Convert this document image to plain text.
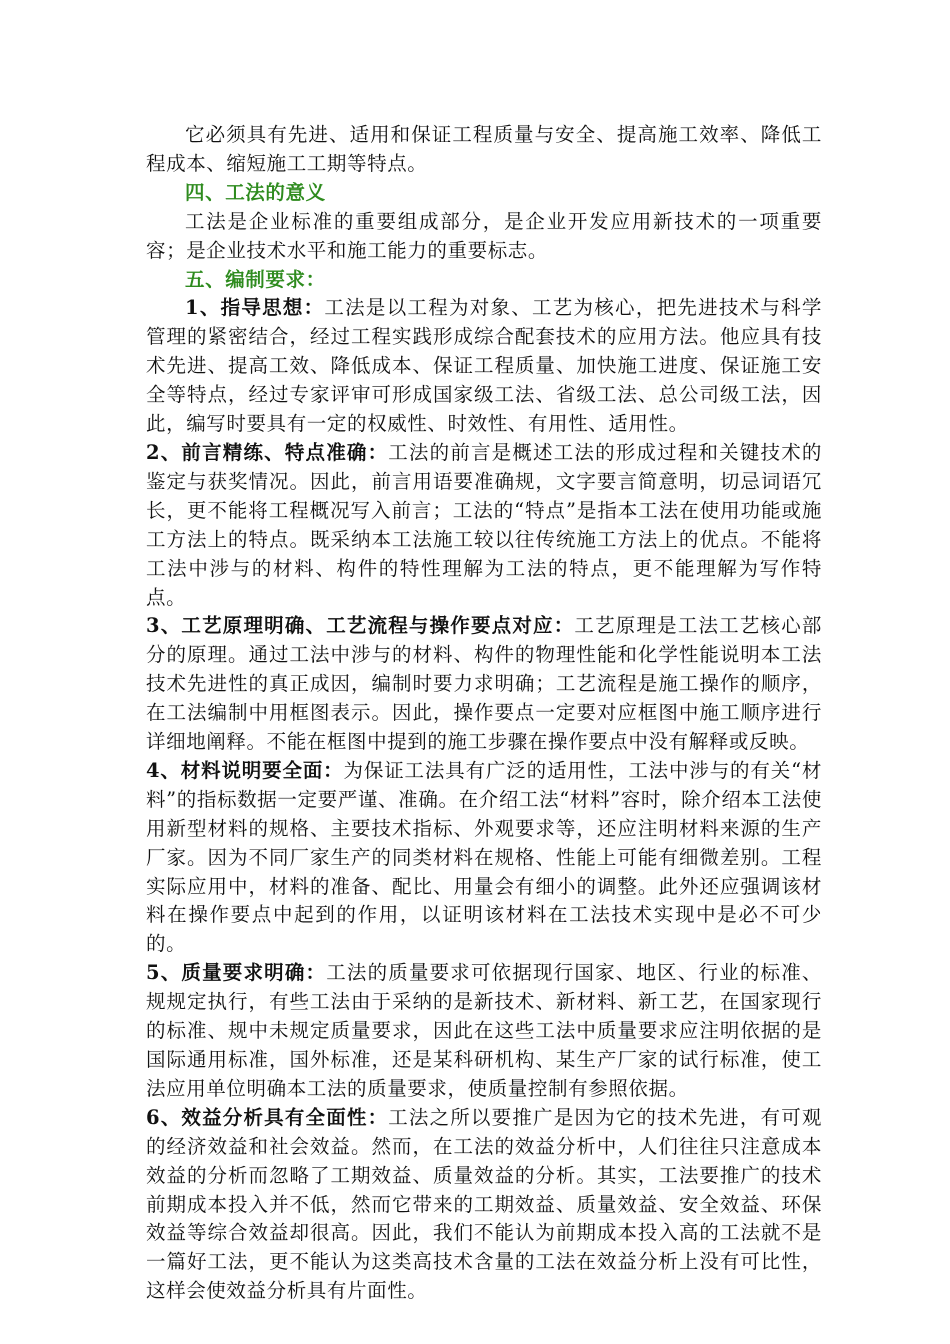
它必须具有先进、适用和保证工程质量与安全、提高施工效率、降低工程成本、缩短施工工期等特点。

四、工法的意义

工法是企业标准的重要组成部分，是企业开发应用新技术的一项重要容；是企业技术水平和施工能力的重要标志。

五、编制要求：

1、指导思想：工法是以工程为对象、工艺为核心，把先进技术与科学管理的紧密结合，经过工程实践形成综合配套技术的应用方法。他应具有技术先进、提高工效、降低成本、保证工程质量、加快施工进度、保证施工安全等特点，经过专家评审可形成国家级工法、省级工法、总公司级工法，因此，编写时要具有一定的权威性、时效性、有用性、适用性。

2、前言精练、特点准确：工法的前言是概述工法的形成过程和关键技术的鉴定与获奖情况。因此，前言用语要准确规，文字要言简意明，切忌词语冗长，更不能将工程概况写入前言；工法的“特点”是指本工法在使用功能或施工方法上的特点。既采纳本工法施工较以往传统施工方法上的优点。不能将工法中涉与的材料、构件的特性理解为工法的特点，更不能理解为写作特点。

3、工艺原理明确、工艺流程与操作要点对应：工艺原理是工法工艺核心部分的原理。通过工法中涉与的材料、构件的物理性能和化学性能说明本工法技术先进性的真正成因，编制时要力求明确；工艺流程是施工操作的顺序，在工法编制中用框图表示。因此，操作要点一定要对应框图中施工顺序进行详细地阐释。不能在框图中提到的施工步骤在操作要点中没有解释或反映。

4、材料说明要全面：为保证工法具有广泛的适用性，工法中涉与的有关“材料”的指标数据一定要严谨、准确。在介绍工法“材料”容时，除介绍本工法使用新型材料的规格、主要技术指标、外观要求等，还应注明材料来源的生产厂家。因为不同厂家生产的同类材料在规格、性能上可能有细微差别。工程实际应用中，材料的准备、配比、用量会有细小的调整。此外还应强调该材料在操作要点中起到的作用，以证明该材料在工法技术实现中是必不可少的。

5、质量要求明确：工法的质量要求可依据现行国家、地区、行业的标准、规规定执行，有些工法由于采纳的是新技术、新材料、新工艺，在国家现行的标准、规中未规定质量要求，因此在这些工法中质量要求应注明依据的是国际通用标准，国外标准，还是某科研机构、某生产厂家的试行标准，使工法应用单位明确本工法的质量要求，使质量控制有参照依据。

6、效益分析具有全面性：工法之所以要推广是因为它的技术先进，有可观的经济效益和社会效益。然而，在工法的效益分析中，人们往往只注意成本效益的分析而忽略了工期效益、质量效益的分析。其实，工法要推广的技术前期成本投入并不低，然而它带来的工期效益、质量效益、安全效益、环保效益等综合效益却很高。因此，我们不能认为前期成本投入高的工法就不是一篇好工法，更不能认为这类高技术含量的工法在效益分析上没有可比性，这样会使效益分析具有片面性。
